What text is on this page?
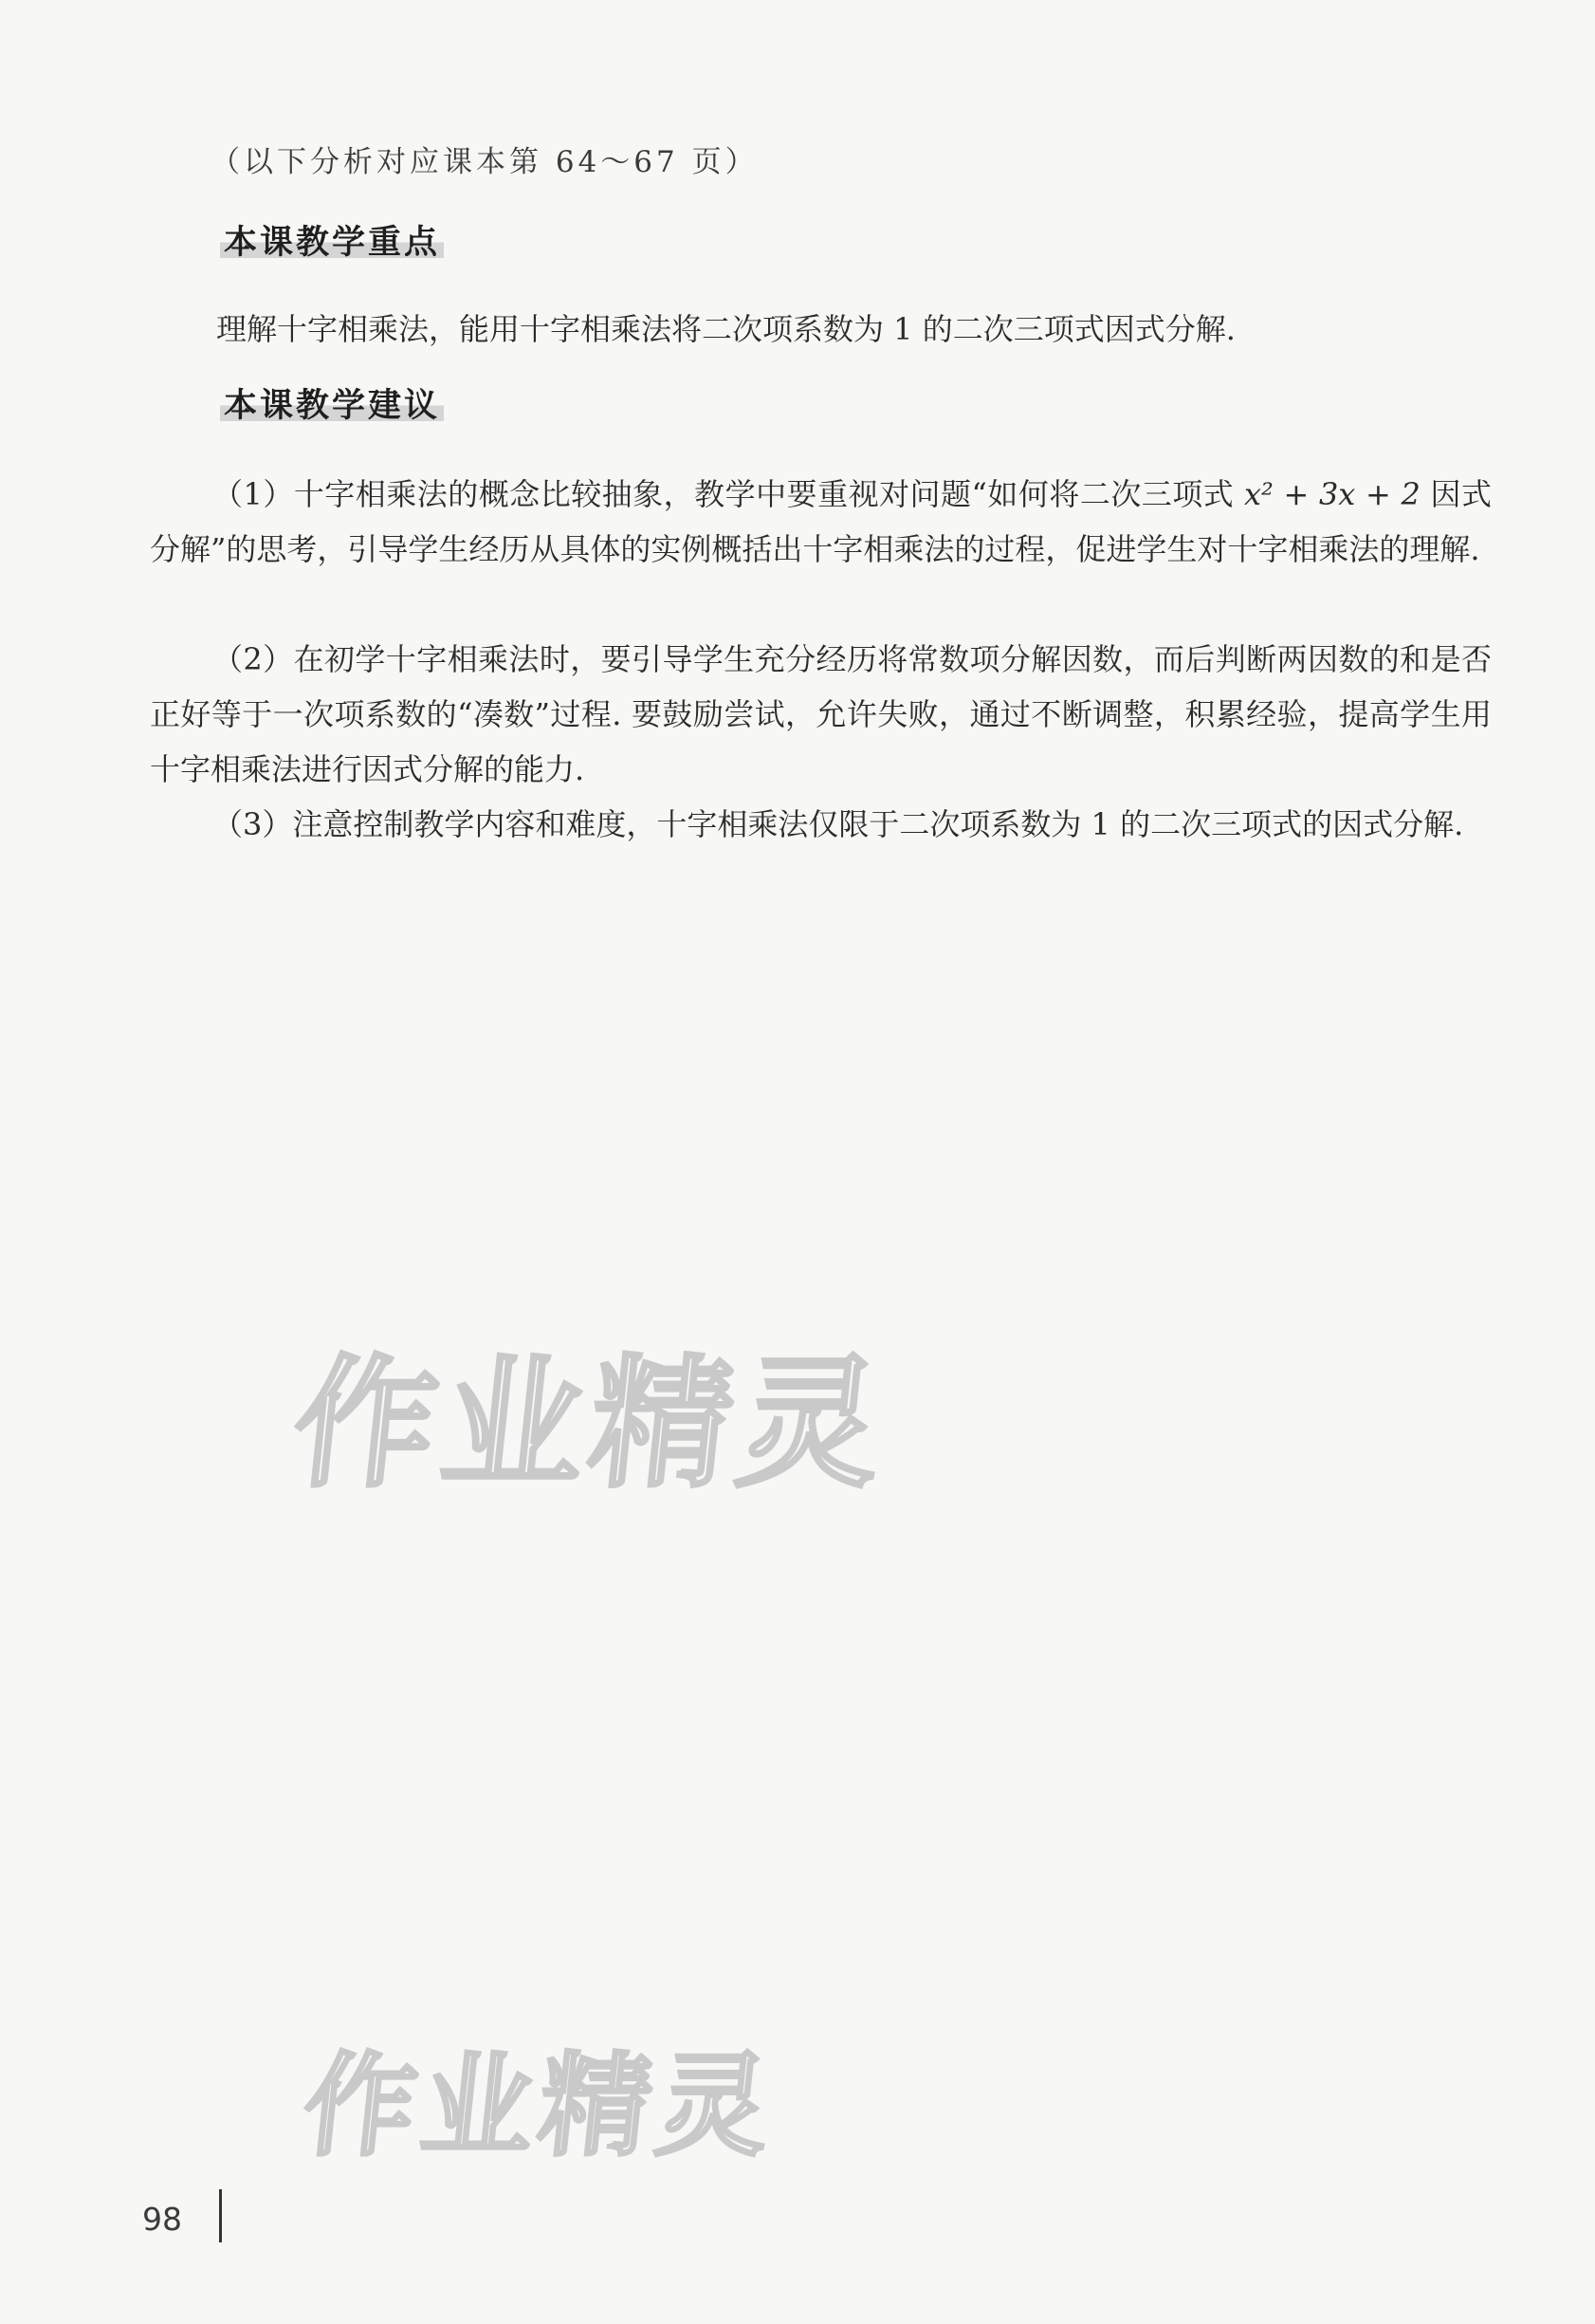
（以下分析对应课本第 64～67 页）
本课教学重点

理解十字相乘法，能用十字相乘法将二次项系数为 1 的二次三项式因式分解.

本课教学建议

（1）十字相乘法的概念比较抽象，教学中要重视对问题“如何将二次三项式 x² + 3x + 2 因式分解”的思考，引导学生经历从具体的实例概括出十字相乘法的过程，促进学生对十字相乘法的理解.

（2）在初学十字相乘法时，要引导学生充分经历将常数项分解因数，而后判断两因数的和是否正好等于一次项系数的“凑数”过程. 要鼓励尝试，允许失败，通过不断调整，积累经验，提高学生用十字相乘法进行因式分解的能力.

（3）注意控制教学内容和难度，十字相乘法仅限于二次项系数为 1 的二次三项式的因式分解.

作业精灵
作业精灵
98
